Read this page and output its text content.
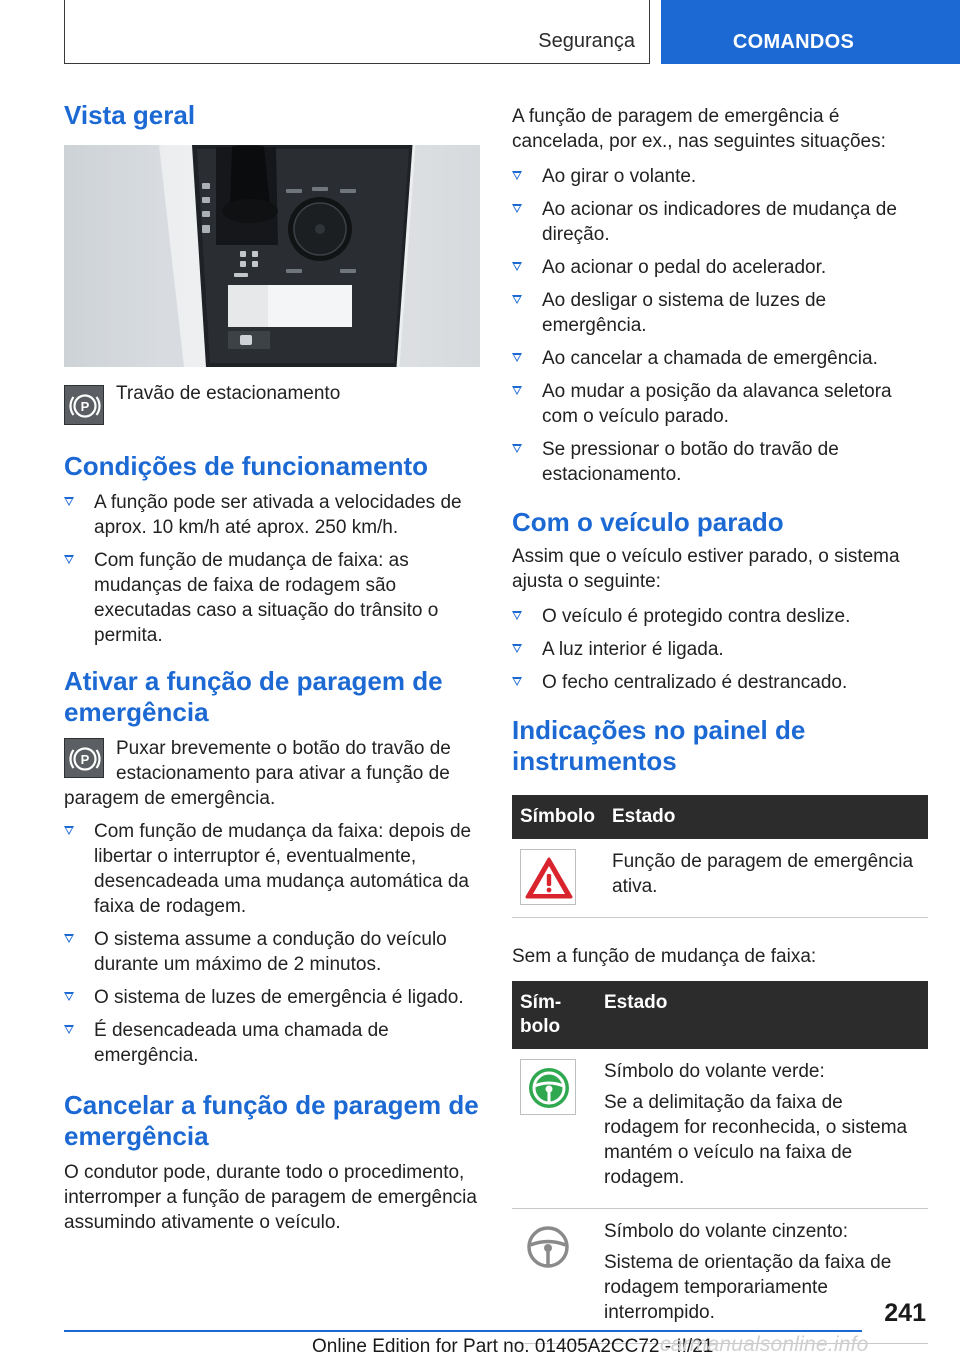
Segurança	COMANDOS
Vista geral
P

Travão de estacionamento

Condições de funcionamento
A função pode ser ativada a velocidades de aprox. 10 km/h até aprox. 250 km/h.
Com função de mudança de faixa: as mudanças de faixa de rodagem são executadas caso a situação do trânsito o permita.
Ativar a função de paragem de emergência
P

Puxar brevemente o botão do travão de estacionamento para ativar a função de paragem de emergência.

Com função de mudança da faixa: depois de libertar o interruptor é, eventualmente, desencadeada uma mudança automática da faixa de rodagem.
O sistema assume a condução do veículo durante um máximo de 2 minutos.
O sistema de luzes de emergência é ligado.
É desencadeada uma chamada de emergência.
Cancelar a função de paragem de emergência

O condutor pode, durante todo o procedimento, interromper a função de paragem de emergência assumindo ativamente o veículo.

A função de paragem de emergência é cancelada, por ex., nas seguintes situações:

Ao girar o volante.
Ao acionar os indicadores de mudança de direção.
Ao acionar o pedal do acelerador.
Ao desligar o sistema de luzes de emergência.
Ao cancelar a chamada de emergência.
Ao mudar a posição da alavanca seletora com o veículo parado.
Se pressionar o botão do travão de estacionamento.
Com o veículo parado

Assim que o veículo estiver parado, o sistema ajusta o seguinte:

O veículo é protegido contra deslize.
A luz interior é ligada.
O fecho centralizado é destrancado.
Indicações no painel de instrumentos
Símbolo	Estado

	Função de paragem de emergência ativa.

Sem a função de mudança de faixa:

Sím-bolo	Estado

Símbolo do volante verde:

Se a delimitação da faixa de rodagem for reconhecida, o sistema mantém o veículo na faixa de rodagem.

Símbolo do volante cinzento:

Sistema de orientação da faixa de rodagem temporariamente interrompido.	241
Online Edition for Part no. 01405A2CC72 - II/21
carmanualsonline.info
